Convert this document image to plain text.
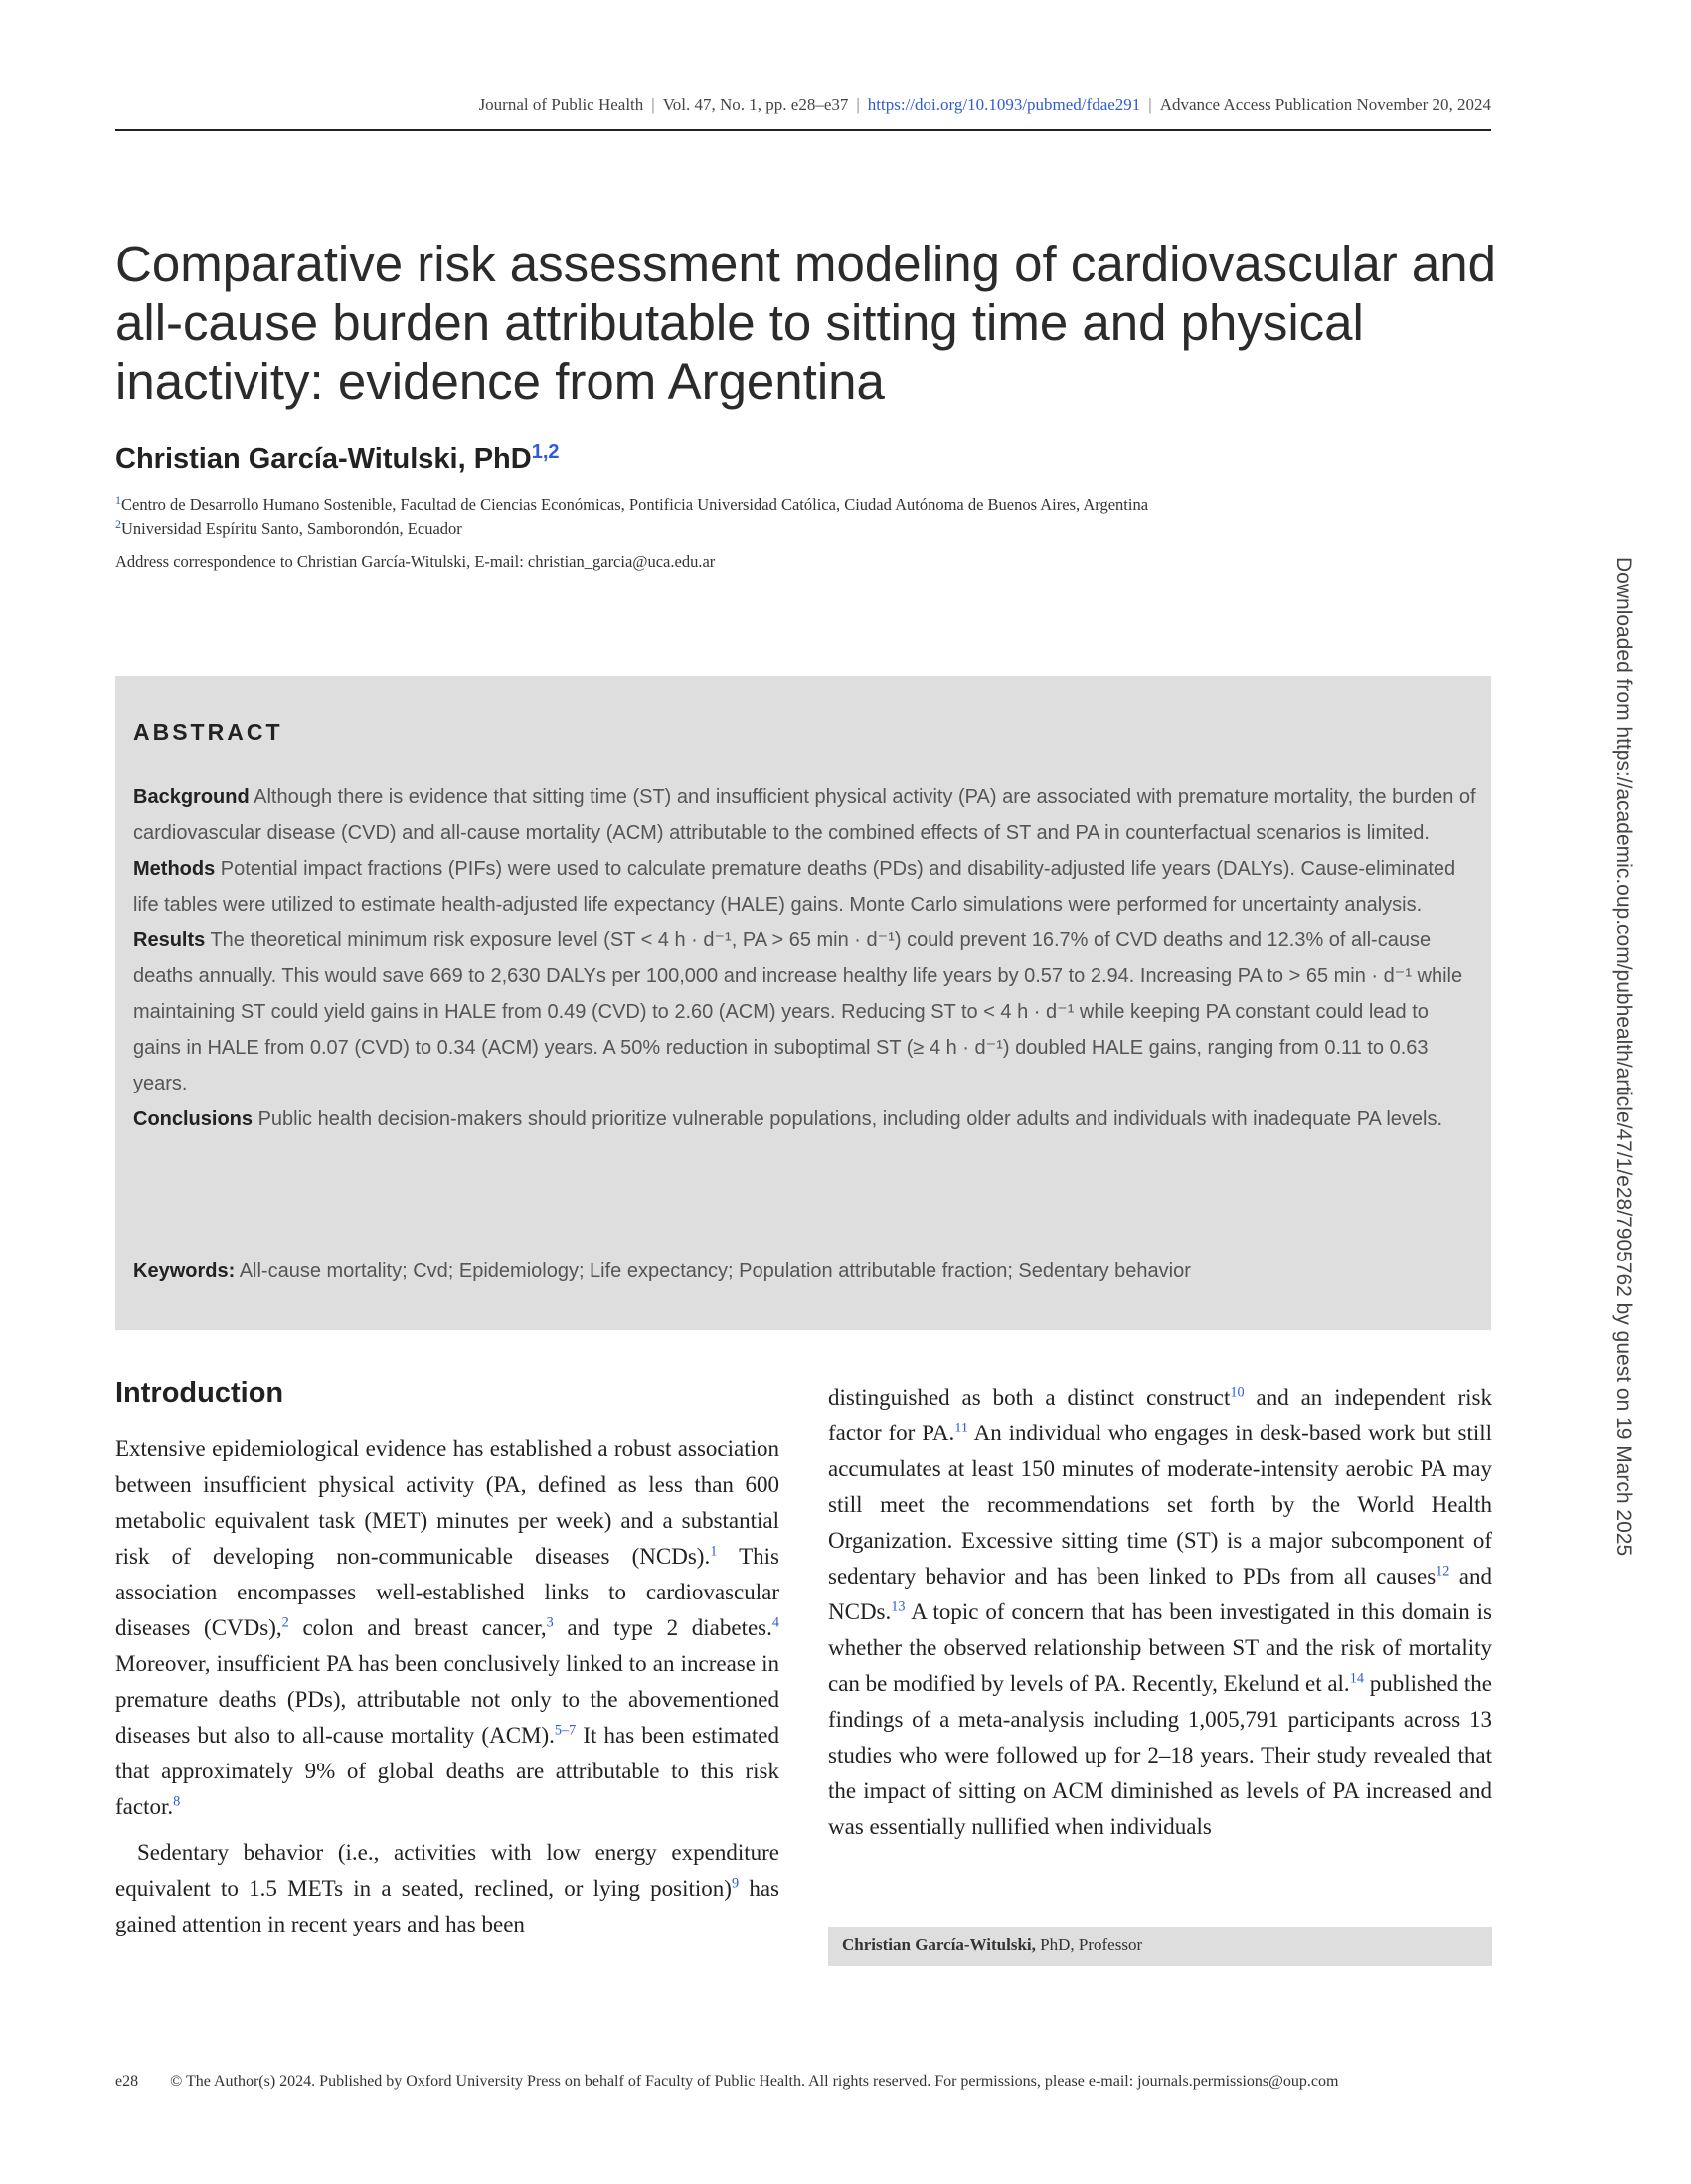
Journal of Public Health | Vol. 47, No. 1, pp. e28–e37 | https://doi.org/10.1093/pubmed/fdae291 | Advance Access Publication November 20, 2024
Comparative risk assessment modeling of cardiovascular and all-cause burden attributable to sitting time and physical inactivity: evidence from Argentina
Christian García-Witulski, PhD$^{1,2}$
$^1$Centro de Desarrollo Humano Sostenible, Facultad de Ciencias Económicas, Pontificia Universidad Católica, Ciudad Autónoma de Buenos Aires, Argentina
$^2$Universidad Espíritu Santo, Samborondón, Ecuador
Address correspondence to Christian García-Witulski, E-mail: christian_garcia@uca.edu.ar	Downloaded from https://academic.oup.com/pubhealth/article/47/1/e28/7905762 by guest on 19 March 2025
ABSTRACT

Background Although there is evidence that sitting time (ST) and insufficient physical activity (PA) are associated with premature mortality, the burden of cardiovascular disease (CVD) and all-cause mortality (ACM) attributable to the combined effects of ST and PA in counterfactual scenarios is limited.

Methods Potential impact fractions (PIFs) were used to calculate premature deaths (PDs) and disability-adjusted life years (DALYs). Cause-eliminated life tables were utilized to estimate health-adjusted life expectancy (HALE) gains. Monte Carlo simulations were performed for uncertainty analysis.

Results The theoretical minimum risk exposure level (ST < 4 h · d⁻¹, PA > 65 min · d⁻¹) could prevent 16.7% of CVD deaths and 12.3% of all-cause deaths annually. This would save 669 to 2,630 DALYs per 100,000 and increase healthy life years by 0.57 to 2.94. Increasing PA to > 65 min · d⁻¹ while maintaining ST could yield gains in HALE from 0.49 (CVD) to 2.60 (ACM) years. Reducing ST to < 4 h · d⁻¹ while keeping PA constant could lead to gains in HALE from 0.07 (CVD) to 0.34 (ACM) years. A 50% reduction in suboptimal ST (≥ 4 h · d⁻¹) doubled HALE gains, ranging from 0.11 to 0.63 years.

Conclusions Public health decision-makers should prioritize vulnerable populations, including older adults and individuals with inadequate PA levels.

Keywords: All-cause mortality; Cvd; Epidemiology; Life expectancy; Population attributable fraction; Sedentary behavior
Introduction

Extensive epidemiological evidence has established a robust association between insufficient physical activity (PA, defined as less than 600 metabolic equivalent task (MET) minutes per week) and a substantial risk of developing non-communicable diseases (NCDs).$^1$ This association encompasses well-established links to cardiovascular diseases (CVDs),$^2$ colon and breast cancer,$^3$ and type 2 diabetes.$^4$ Moreover, insufficient PA has been conclusively linked to an increase in premature deaths (PDs), attributable not only to the abovementioned diseases but also to all-cause mortality (ACM).$^{5-7}$ It has been estimated that approximately 9% of global deaths are attributable to this risk factor.$^8$

Sedentary behavior (i.e., activities with low energy expenditure equivalent to 1.5 METs in a seated, reclined, or lying position)$^9$ has gained attention in recent years and has been

distinguished as both a distinct construct$^{10}$ and an independent risk factor for PA.$^{11}$ An individual who engages in desk-based work but still accumulates at least 150 minutes of moderate-intensity aerobic PA may still meet the recommendations set forth by the World Health Organization. Excessive sitting time (ST) is a major subcomponent of sedentary behavior and has been linked to PDs from all causes$^{12}$ and NCDs.$^{13}$ A topic of concern that has been investigated in this domain is whether the observed relationship between ST and the risk of mortality can be modified by levels of PA. Recently, Ekelund et al.$^{14}$ published the findings of a meta-analysis including 1,005,791 participants across 13 studies who were followed up for 2–18 years. Their study revealed that the impact of sitting on ACM diminished as levels of PA increased and was essentially nullified when individuals

Christian García-Witulski, PhD, Professor
e28 © The Author(s) 2024. Published by Oxford University Press on behalf of Faculty of Public Health. All rights reserved. For permissions, please e-mail: journals.permissions@oup.com
